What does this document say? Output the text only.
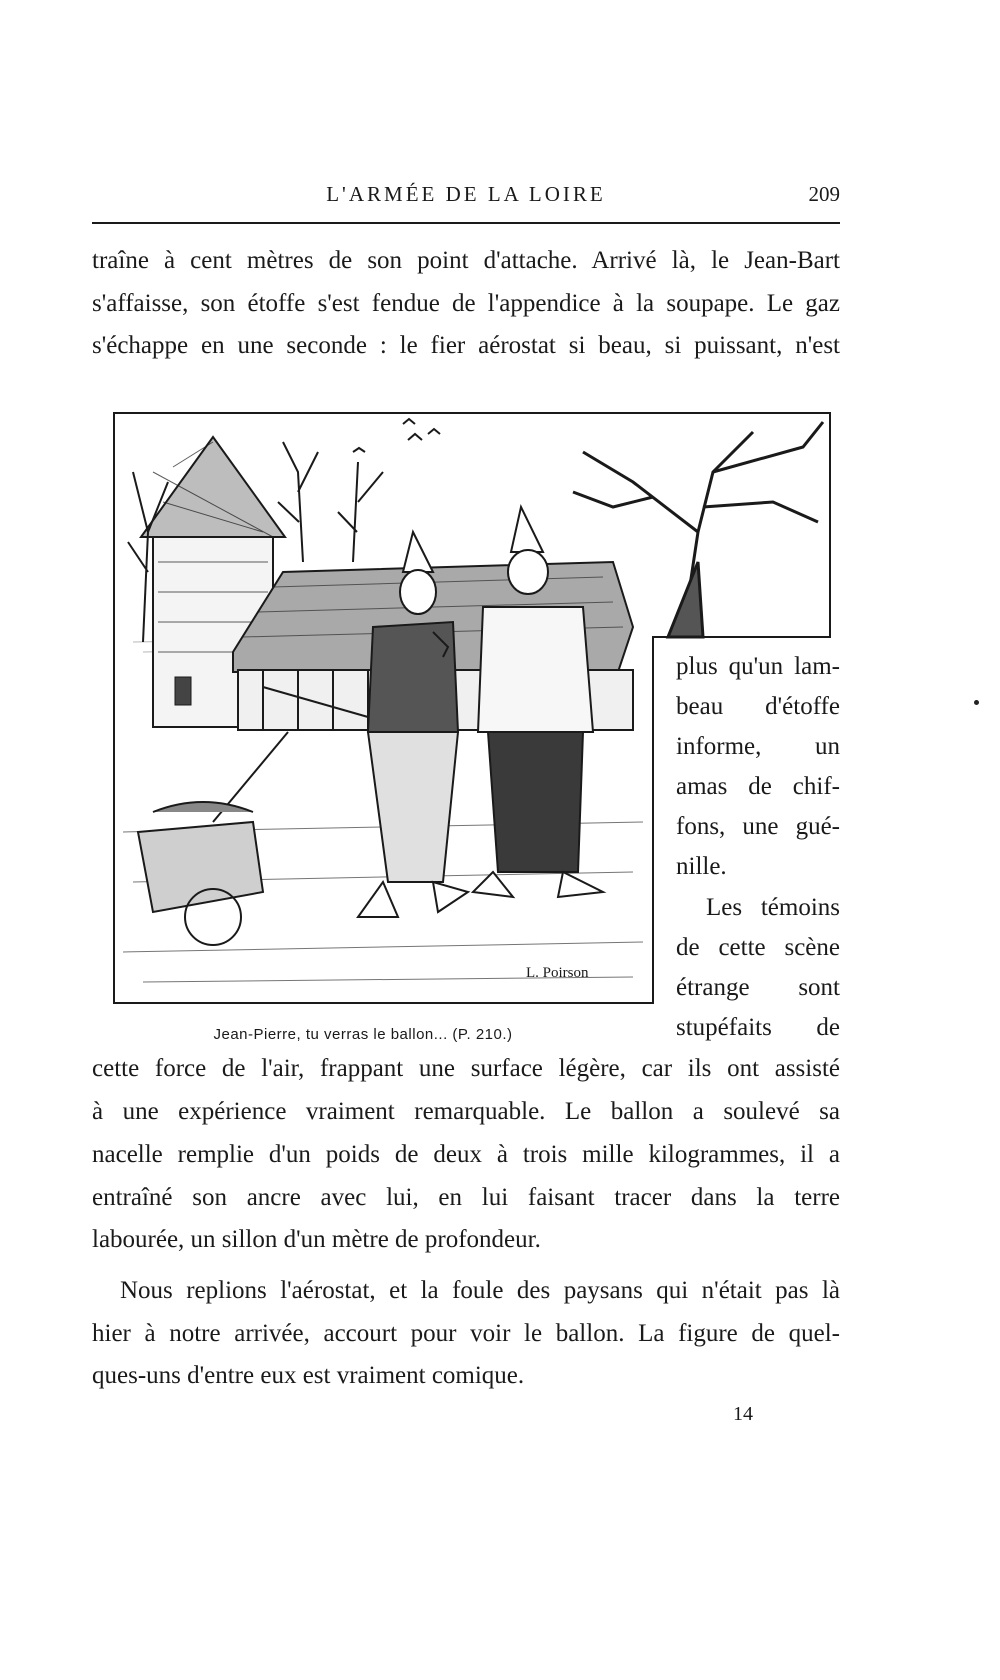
L'ARMÉE DE LA LOIRE	209
traîne à cent mètres de son point d'attache. Arrivé là, le Jean-Bart
s'affaisse, son étoffe s'est fendue de l'appendice à la soupape. Le gaz
s'échappe en une seconde : le fier aérostat si beau, si puissant, n'est
L. Poirson
Jean-Pierre, tu verras le ballon... (P. 210.)
plus qu'un lam-
beau d'étoffe
informe, un
amas de chif-
fons, une gué-
nille.
Les témoins
de cette scène
étrange sont
stupéfaits de
cette force de l'air, frappant une surface légère, car ils ont assisté
à une expérience vraiment remarquable. Le ballon a soulevé sa
nacelle remplie d'un poids de deux à trois mille kilogrammes, il a
entraîné son ancre avec lui, en lui faisant tracer dans la terre
labourée, un sillon d'un mètre de profondeur.
Nous replions l'aérostat, et la foule des paysans qui n'était pas là
hier à notre arrivée, accourt pour voir le ballon. La figure de quel-
ques-uns d'entre eux est vraiment comique.
14
